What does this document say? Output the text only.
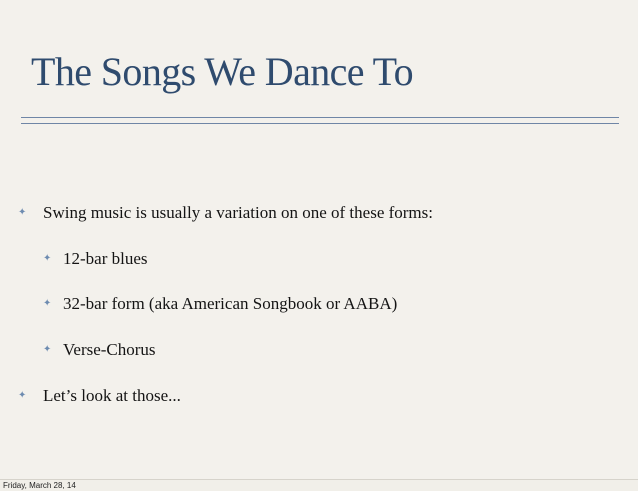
The Songs We Dance To
✦ Swing music is usually a variation on one of these forms:
✦ 12-bar blues
✦ 32-bar form (aka American Songbook or AABA)
✦ Verse-Chorus
✦ Let’s look at those...
Friday, March 28, 14
